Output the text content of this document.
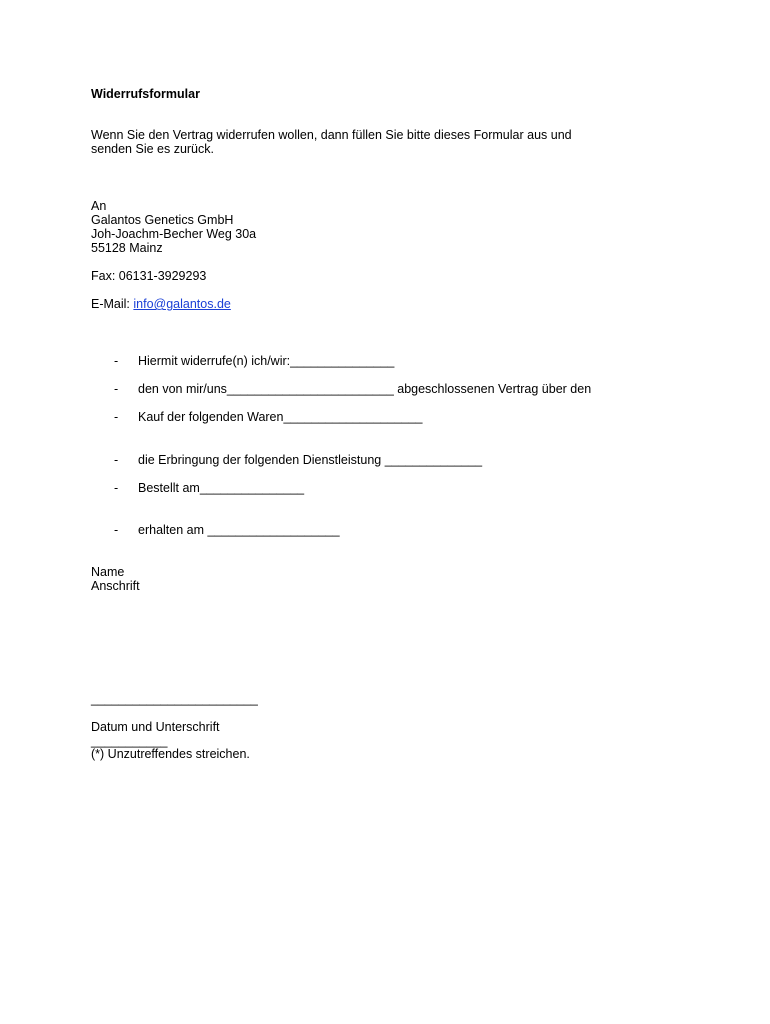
Widerrufsformular
Wenn Sie den Vertrag widerrufen wollen, dann füllen Sie bitte dieses Formular aus und
senden Sie es zurück.
An
Galantos Genetics GmbH
Joh-Joachm-Becher Weg 30a
55128 Mainz
Fax: 06131-3929293
E-Mail: info@galantos.de
- Hiermit widerrufe(n) ich/wir:_______________
- den von mir/uns________________________ abgeschlossenen Vertrag über den
- Kauf der folgenden Waren____________________
- die Erbringung der folgenden Dienstleistung ______________
- Bestellt am_______________
- erhalten am ___________________
Name
Anschrift
________________________
Datum und Unterschrift
___________
(*) Unzutreffendes streichen.
